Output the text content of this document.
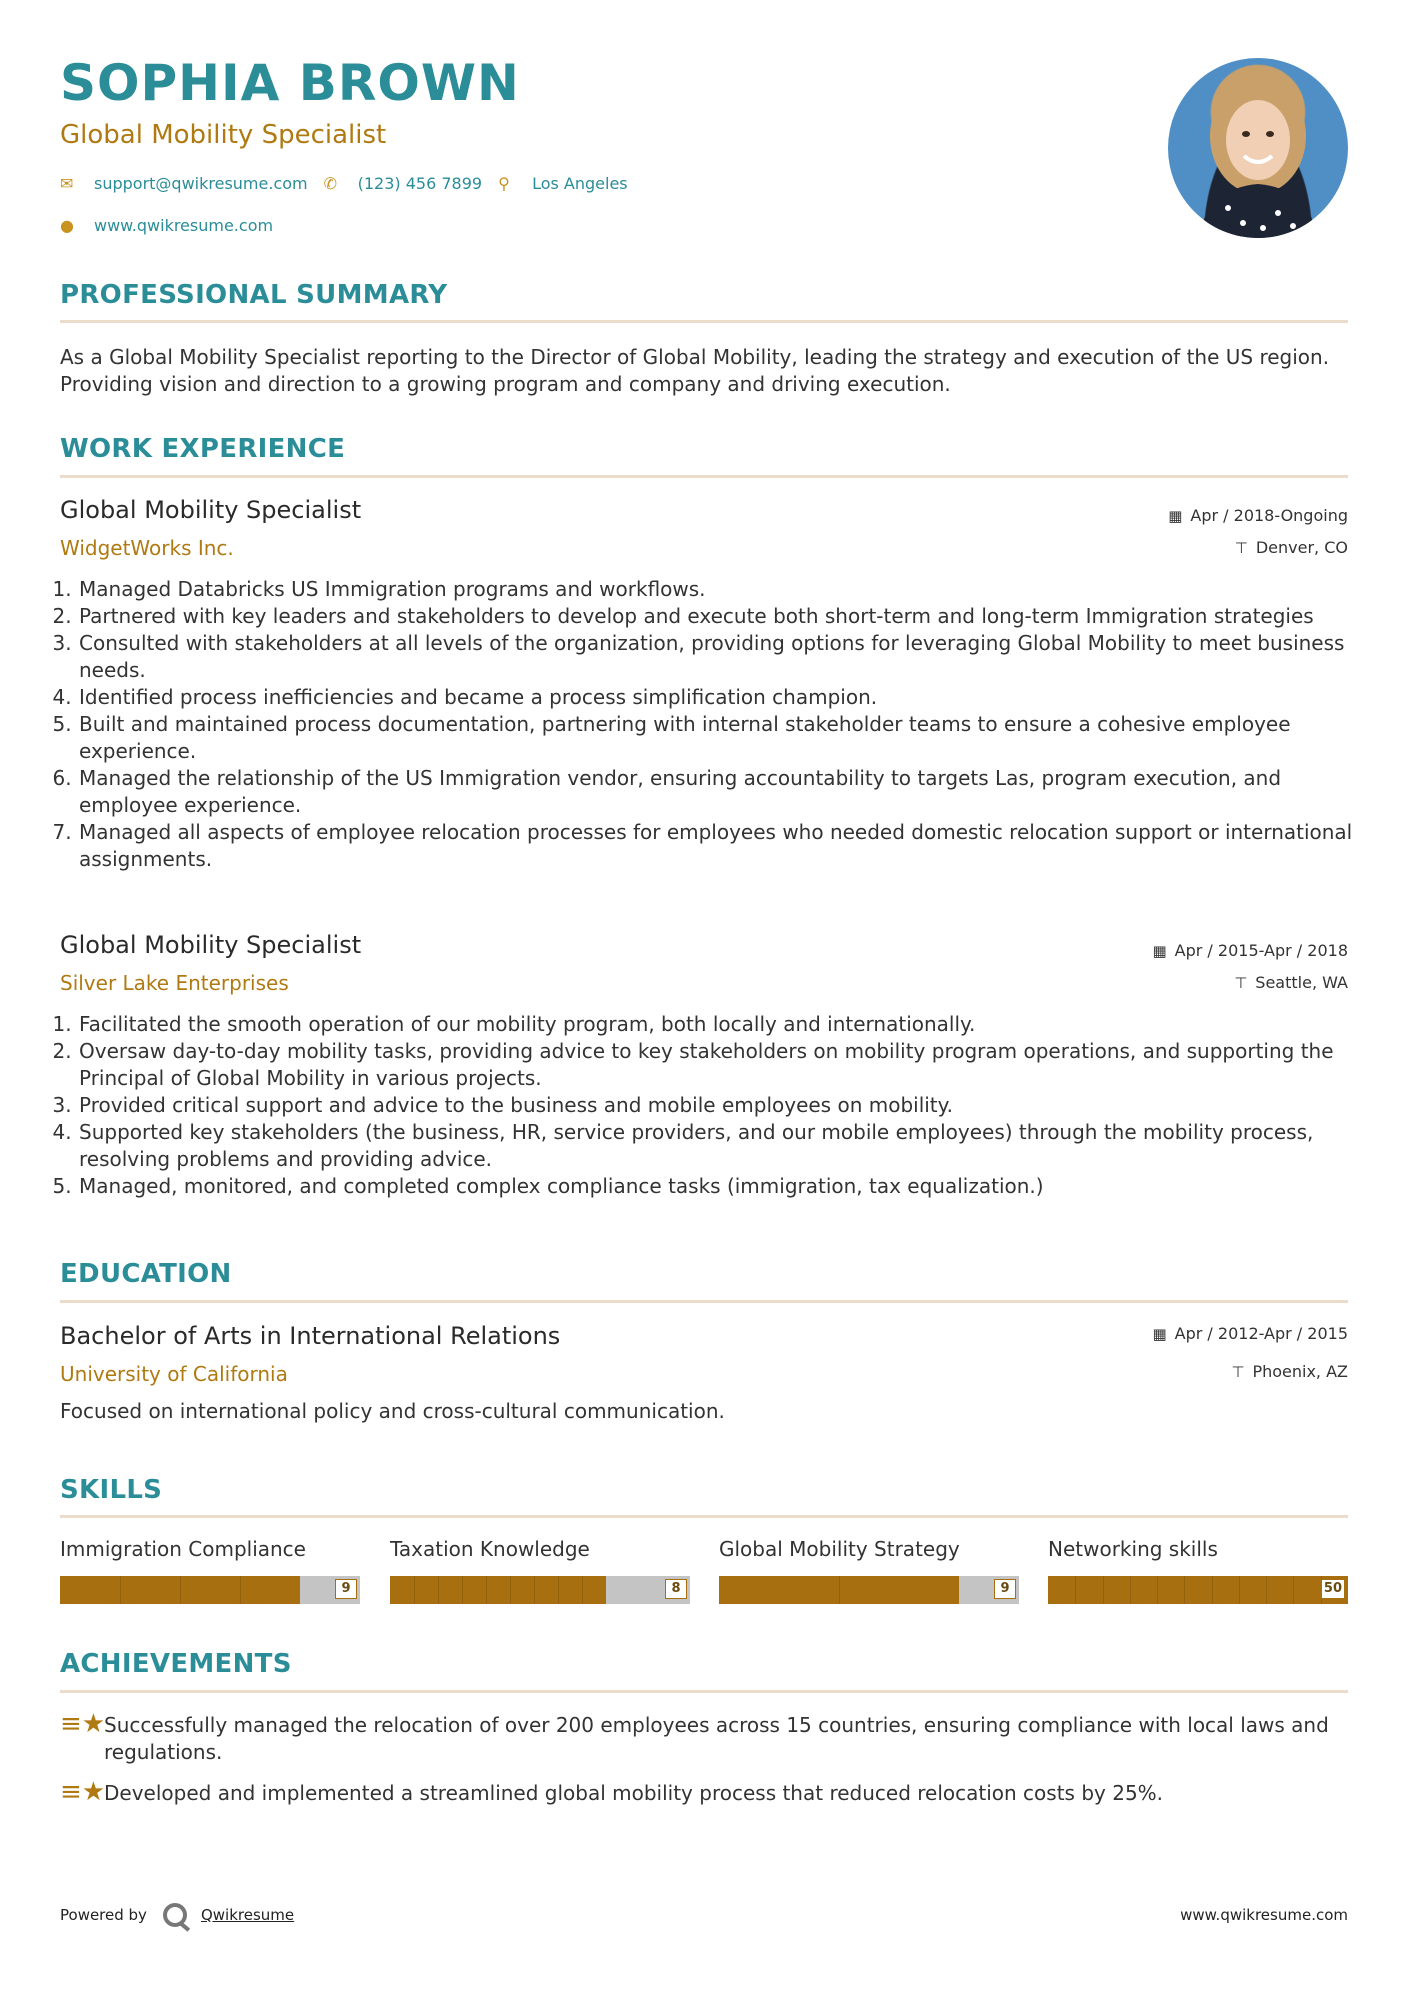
SOPHIA BROWN
Global Mobility Specialist
✉	support@qwikresume.com ✆	(123) 456 7899 ⚲	Los Angeles
●	www.qwikresume.com
PROFESSIONAL SUMMARY
As a Global Mobility Specialist reporting to the Director of Global Mobility, leading the strategy and execution of the US region. Providing vision and direction to a growing program and company and driving execution.
WORK EXPERIENCE
Global Mobility Specialist
WidgetWorks Inc.
▦ Apr / 2018-Ongoing
⊤ Denver, CO
1. Managed Databricks US Immigration programs and workflows.
2. Partnered with key leaders and stakeholders to develop and execute both short-term and long-term Immigration strategies
3. Consulted with stakeholders at all levels of the organization, providing options for leveraging Global Mobility to meet business needs.
4. Identified process inefficiencies and became a process simplification champion.
5. Built and maintained process documentation, partnering with internal stakeholder teams to ensure a cohesive employee experience.
6. Managed the relationship of the US Immigration vendor, ensuring accountability to targets Las, program execution, and employee experience.
7. Managed all aspects of employee relocation processes for employees who needed domestic relocation support or international assignments.
Global Mobility Specialist
Silver Lake Enterprises
▦ Apr / 2015-Apr / 2018
⊤ Seattle, WA
1. Facilitated the smooth operation of our mobility program, both locally and internationally.
2. Oversaw day-to-day mobility tasks, providing advice to key stakeholders on mobility program operations, and supporting the Principal of Global Mobility in various projects.
3. Provided critical support and advice to the business and mobile employees on mobility.
4. Supported key stakeholders (the business, HR, service providers, and our mobile employees) through the mobility process, resolving problems and providing advice.
5. Managed, monitored, and completed complex compliance tasks (immigration, tax equalization.)
EDUCATION
Bachelor of Arts in International Relations
University of California
▦ Apr / 2012-Apr / 2015
⊤ Phoenix, AZ
Focused on international policy and cross-cultural communication.
SKILLS
Immigration Compliance
9
Taxation Knowledge
8
Global Mobility Strategy
9
Networking skills
50
ACHIEVEMENTS
≡★
Successfully managed the relocation of over 200 employees across 15 countries, ensuring compliance with local laws and regulations.
≡★
Developed and implemented a streamlined global mobility process that reduced relocation costs by 25%.
Powered by	Qwikresume	www.qwikresume.com
